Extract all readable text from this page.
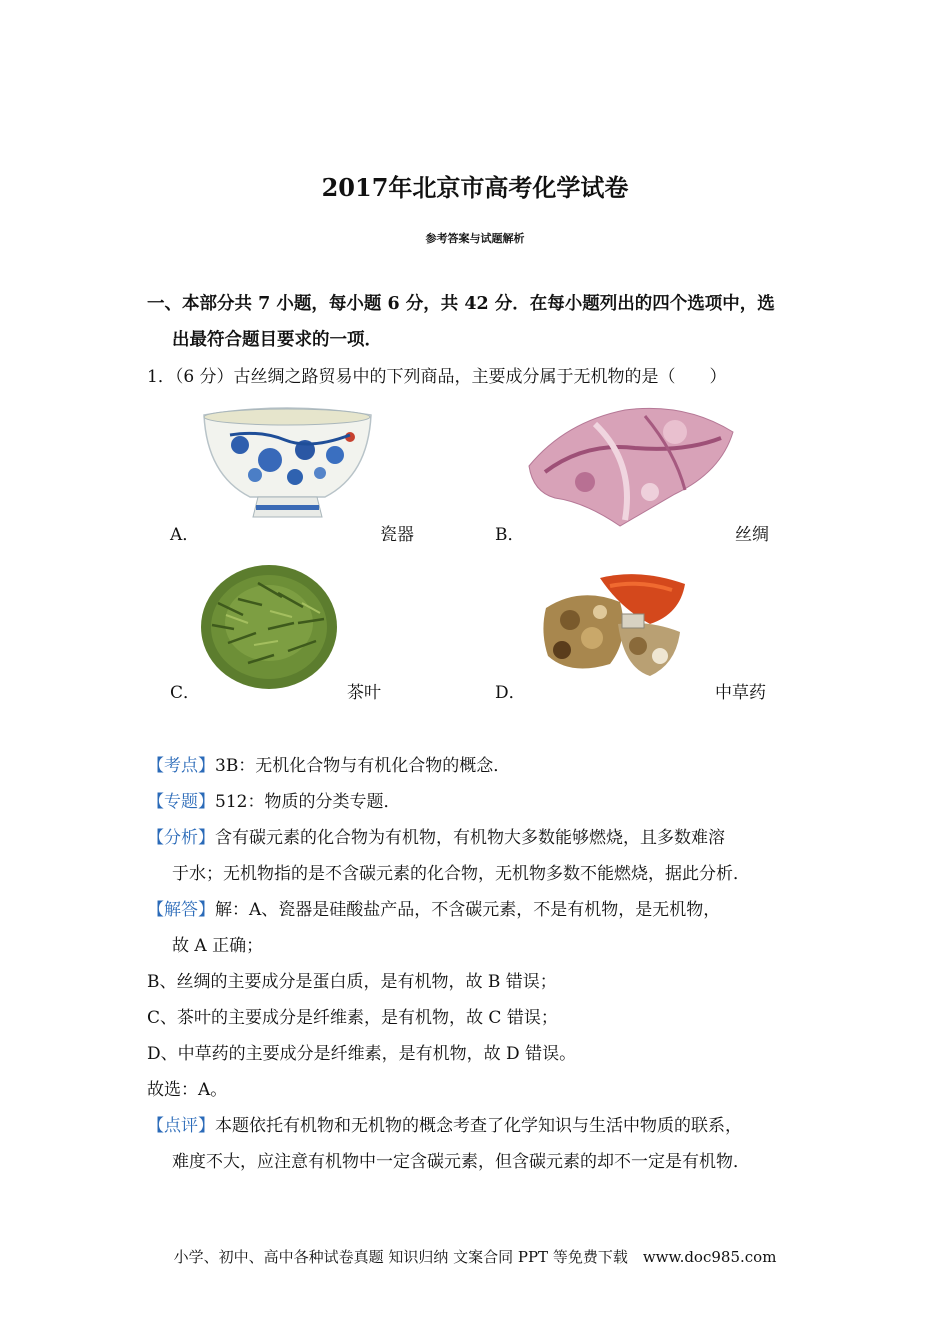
2017年北京市高考化学试卷
参考答案与试题解析
一、本部分共 7 小题，每小题 6 分，共 42 分．在每小题列出的四个选项中，选
出最符合题目要求的一项．
1．（6 分）古丝绸之路贸易中的下列商品，主要成分属于无机物的是（　　）
A．	瓷器	B．	丝绸
C．	茶叶	D．	中草药
【考点】3B：无机化合物与有机化合物的概念．
【专题】512：物质的分类专题．
【分析】含有碳元素的化合物为有机物，有机物大多数能够燃烧，且多数难溶
于水；无机物指的是不含碳元素的化合物，无机物多数不能燃烧，据此分析．
【解答】解：A、瓷器是硅酸盐产品，不含碳元素，不是有机物，是无机物，
故 A 正确；
B、丝绸的主要成分是蛋白质，是有机物，故 B 错误；
C、茶叶的主要成分是纤维素，是有机物，故 C 错误；
D、中草药的主要成分是纤维素，是有机物，故 D 错误。
故选：A。
【点评】本题依托有机物和无机物的概念考查了化学知识与生活中物质的联系，
难度不大，应注意有机物中一定含碳元素，但含碳元素的却不一定是有机物．
小学、初中、高中各种试卷真题 知识归纳 文案合同 PPT 等免费下载　www.doc985.com
